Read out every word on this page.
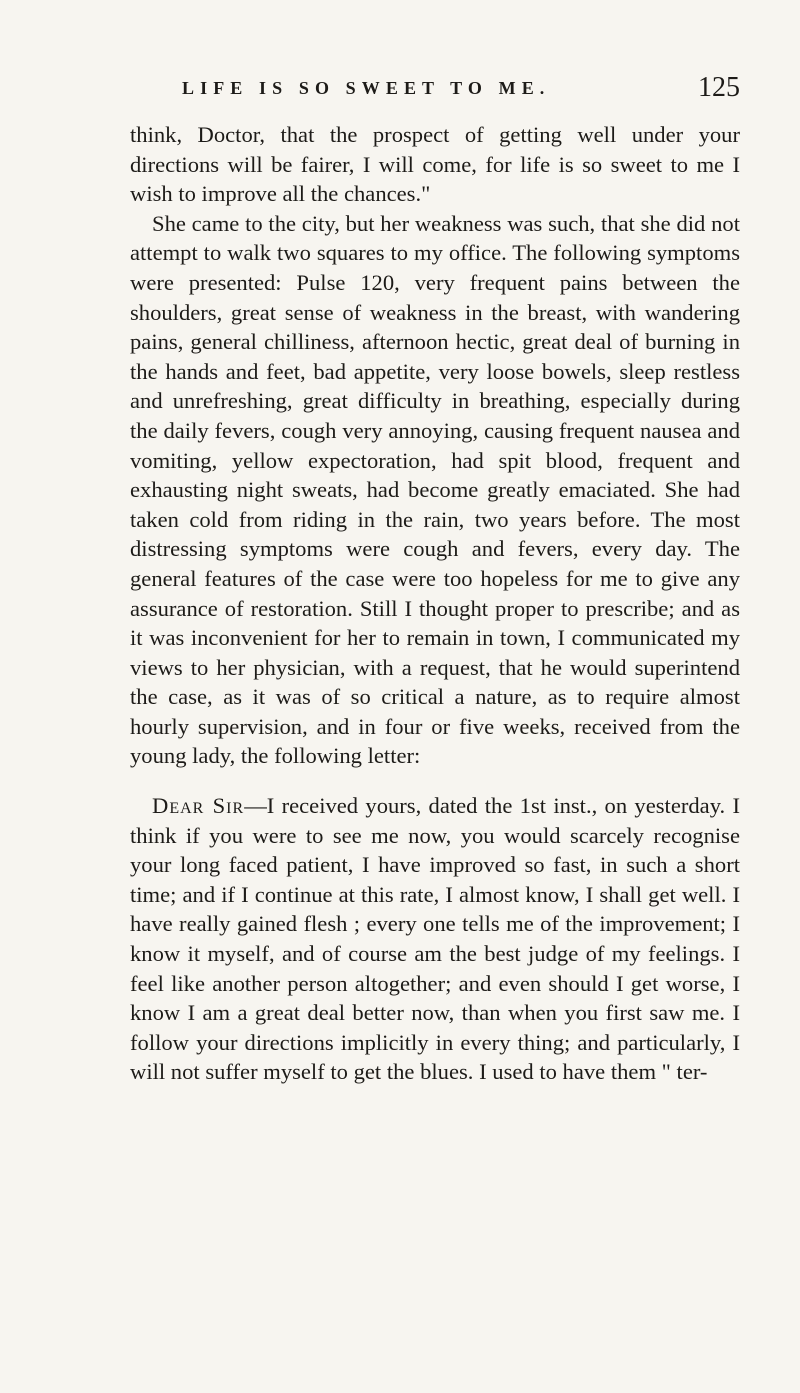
LIFE IS SO SWEET TO ME.	125

think, Doctor, that the prospect of getting well under your directions will be fairer, I will come, for life is so sweet to me I wish to improve all the chances."

She came to the city, but her weakness was such, that she did not attempt to walk two squares to my office. The following symptoms were presented: Pulse 120, very frequent pains between the shoulders, great sense of weakness in the breast, with wandering pains, general chilliness, afternoon hectic, great deal of burning in the hands and feet, bad appetite, very loose bowels, sleep restless and unrefreshing, great difficulty in breathing, especially during the daily fevers, cough very annoying, causing frequent nausea and vomiting, yellow expectoration, had spit blood, frequent and exhausting night sweats, had become greatly emaciated. She had taken cold from riding in the rain, two years before. The most distressing symptoms were cough and fevers, every day. The general features of the case were too hopeless for me to give any assurance of restoration. Still I thought proper to prescribe; and as it was inconvenient for her to remain in town, I communicated my views to her physician, with a request, that he would superintend the case, as it was of so critical a nature, as to require almost hourly supervision, and in four or five weeks, received from the young lady, the following letter:

Dear Sir—I received yours, dated the 1st inst., on yesterday. I think if you were to see me now, you would scarcely recognise your long faced patient, I have improved so fast, in such a short time; and if I continue at this rate, I almost know, I shall get well. I have really gained flesh ; every one tells me of the improvement; I know it myself, and of course am the best judge of my feelings. I feel like another person altogether; and even should I get worse, I know I am a great deal better now, than when you first saw me. I follow your directions implicitly in every thing; and particularly, I will not suffer myself to get the blues. I used to have them " ter-
